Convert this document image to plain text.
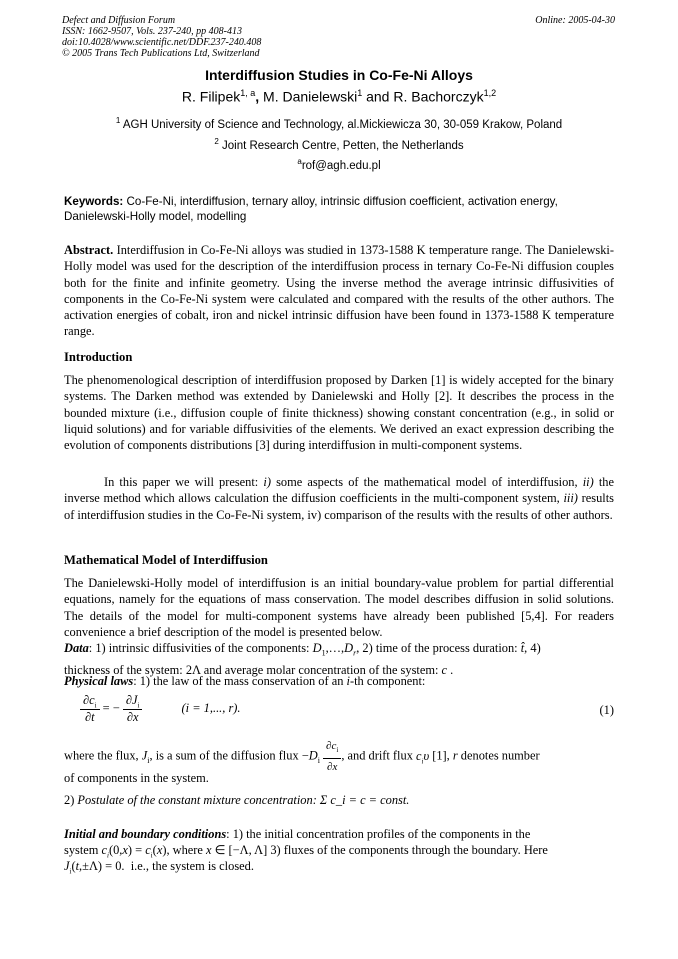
Defect and Diffusion Forum
ISSN: 1662-9507, Vols. 237-240, pp 408-413
doi:10.4028/www.scientific.net/DDF.237-240.408
© 2005 Trans Tech Publications Ltd, Switzerland
Online: 2005-04-30
Interdiffusion Studies in Co-Fe-Ni Alloys
R. Filipek$^{1, a}$, M. Danielewski$^1$ and R. Bachorczyk$^{1,2}$
$^1$ AGH University of Science and Technology, al.Mickiewicza 30, 30-059 Krakow, Poland
$^2$ Joint Research Centre, Petten, the Netherlands
$^a$rof@agh.edu.pl
Keywords: Co-Fe-Ni, interdiffusion, ternary alloy, intrinsic diffusion coefficient, activation energy, Danielewski-Holly model, modelling
Abstract. Interdiffusion in Co-Fe-Ni alloys was studied in 1373-1588 K temperature range. The Danielewski-Holly model was used for the description of the interdiffusion process in ternary Co-Fe-Ni diffusion couples both for the finite and infinite geometry. Using the inverse method the average intrinsic diffusivities of components in the Co-Fe-Ni system were calculated and compared with the results of the other authors. The activation energies of cobalt, iron and nickel intrinsic diffusion have been found in 1373-1588 K temperature range.
Introduction
The phenomenological description of interdiffusion proposed by Darken [1] is widely accepted for the binary systems. The Darken method was extended by Danielewski and Holly [2]. It describes the process in the bounded mixture (i.e., diffusion couple of finite thickness) showing constant concentration (e.g., in solid or liquid solutions) and for variable diffusivities of the elements. We derived an exact expression describing the evolution of components distributions [3] during interdiffusion in multi-component systems.
In this paper we will present: i) some aspects of the mathematical model of interdiffusion, ii) the inverse method which allows calculation the diffusion coefficients in the multi-component system, iii) results of interdiffusion studies in the Co-Fe-Ni system, iv) comparison of the results with the results of other authors.
Mathematical Model of Interdiffusion
The Danielewski-Holly model of interdiffusion is an initial boundary-value problem for partial differential equations, namely for the equations of mass conservation. The model describes diffusion in solid solutions. The details of the model for multi-component systems have already been published [5,4]. For readers convenience a brief description of the model is presented below.
Data: 1) intrinsic diffusivities of the components: $D_1,\dots,D_r$, 2) time of the process duration: t̂, 4)
thickness of the system: 2Λ and average molar concentration of the system: c .
Physical laws: 1) the law of the mass conservation of an i-th component:
$\frac{\partial c_i}{\partial t}$ = − $\frac{\partial J_i}{\partial x}$	(i = 1,..., r).	(1)
where the flux, $J_i$, is a sum of the diffusion flux $-D_i \frac{\partial c_i}{\partial x}$ , and drift flux $c_i\upsilon$ [1], r denotes number
of components in the system.
2) Postulate of the constant mixture concentration: Σ c_i = c = const.
Initial and boundary conditions: 1) the initial concentration profiles of the components in the
system $c_i(0,x) = c_i(x)$, where x ∈ [−Λ, Λ] 3) fluxes of the components through the boundary. Here
$J_i(t,\pm\Lambda) = 0$.  i.e., the system is closed.
